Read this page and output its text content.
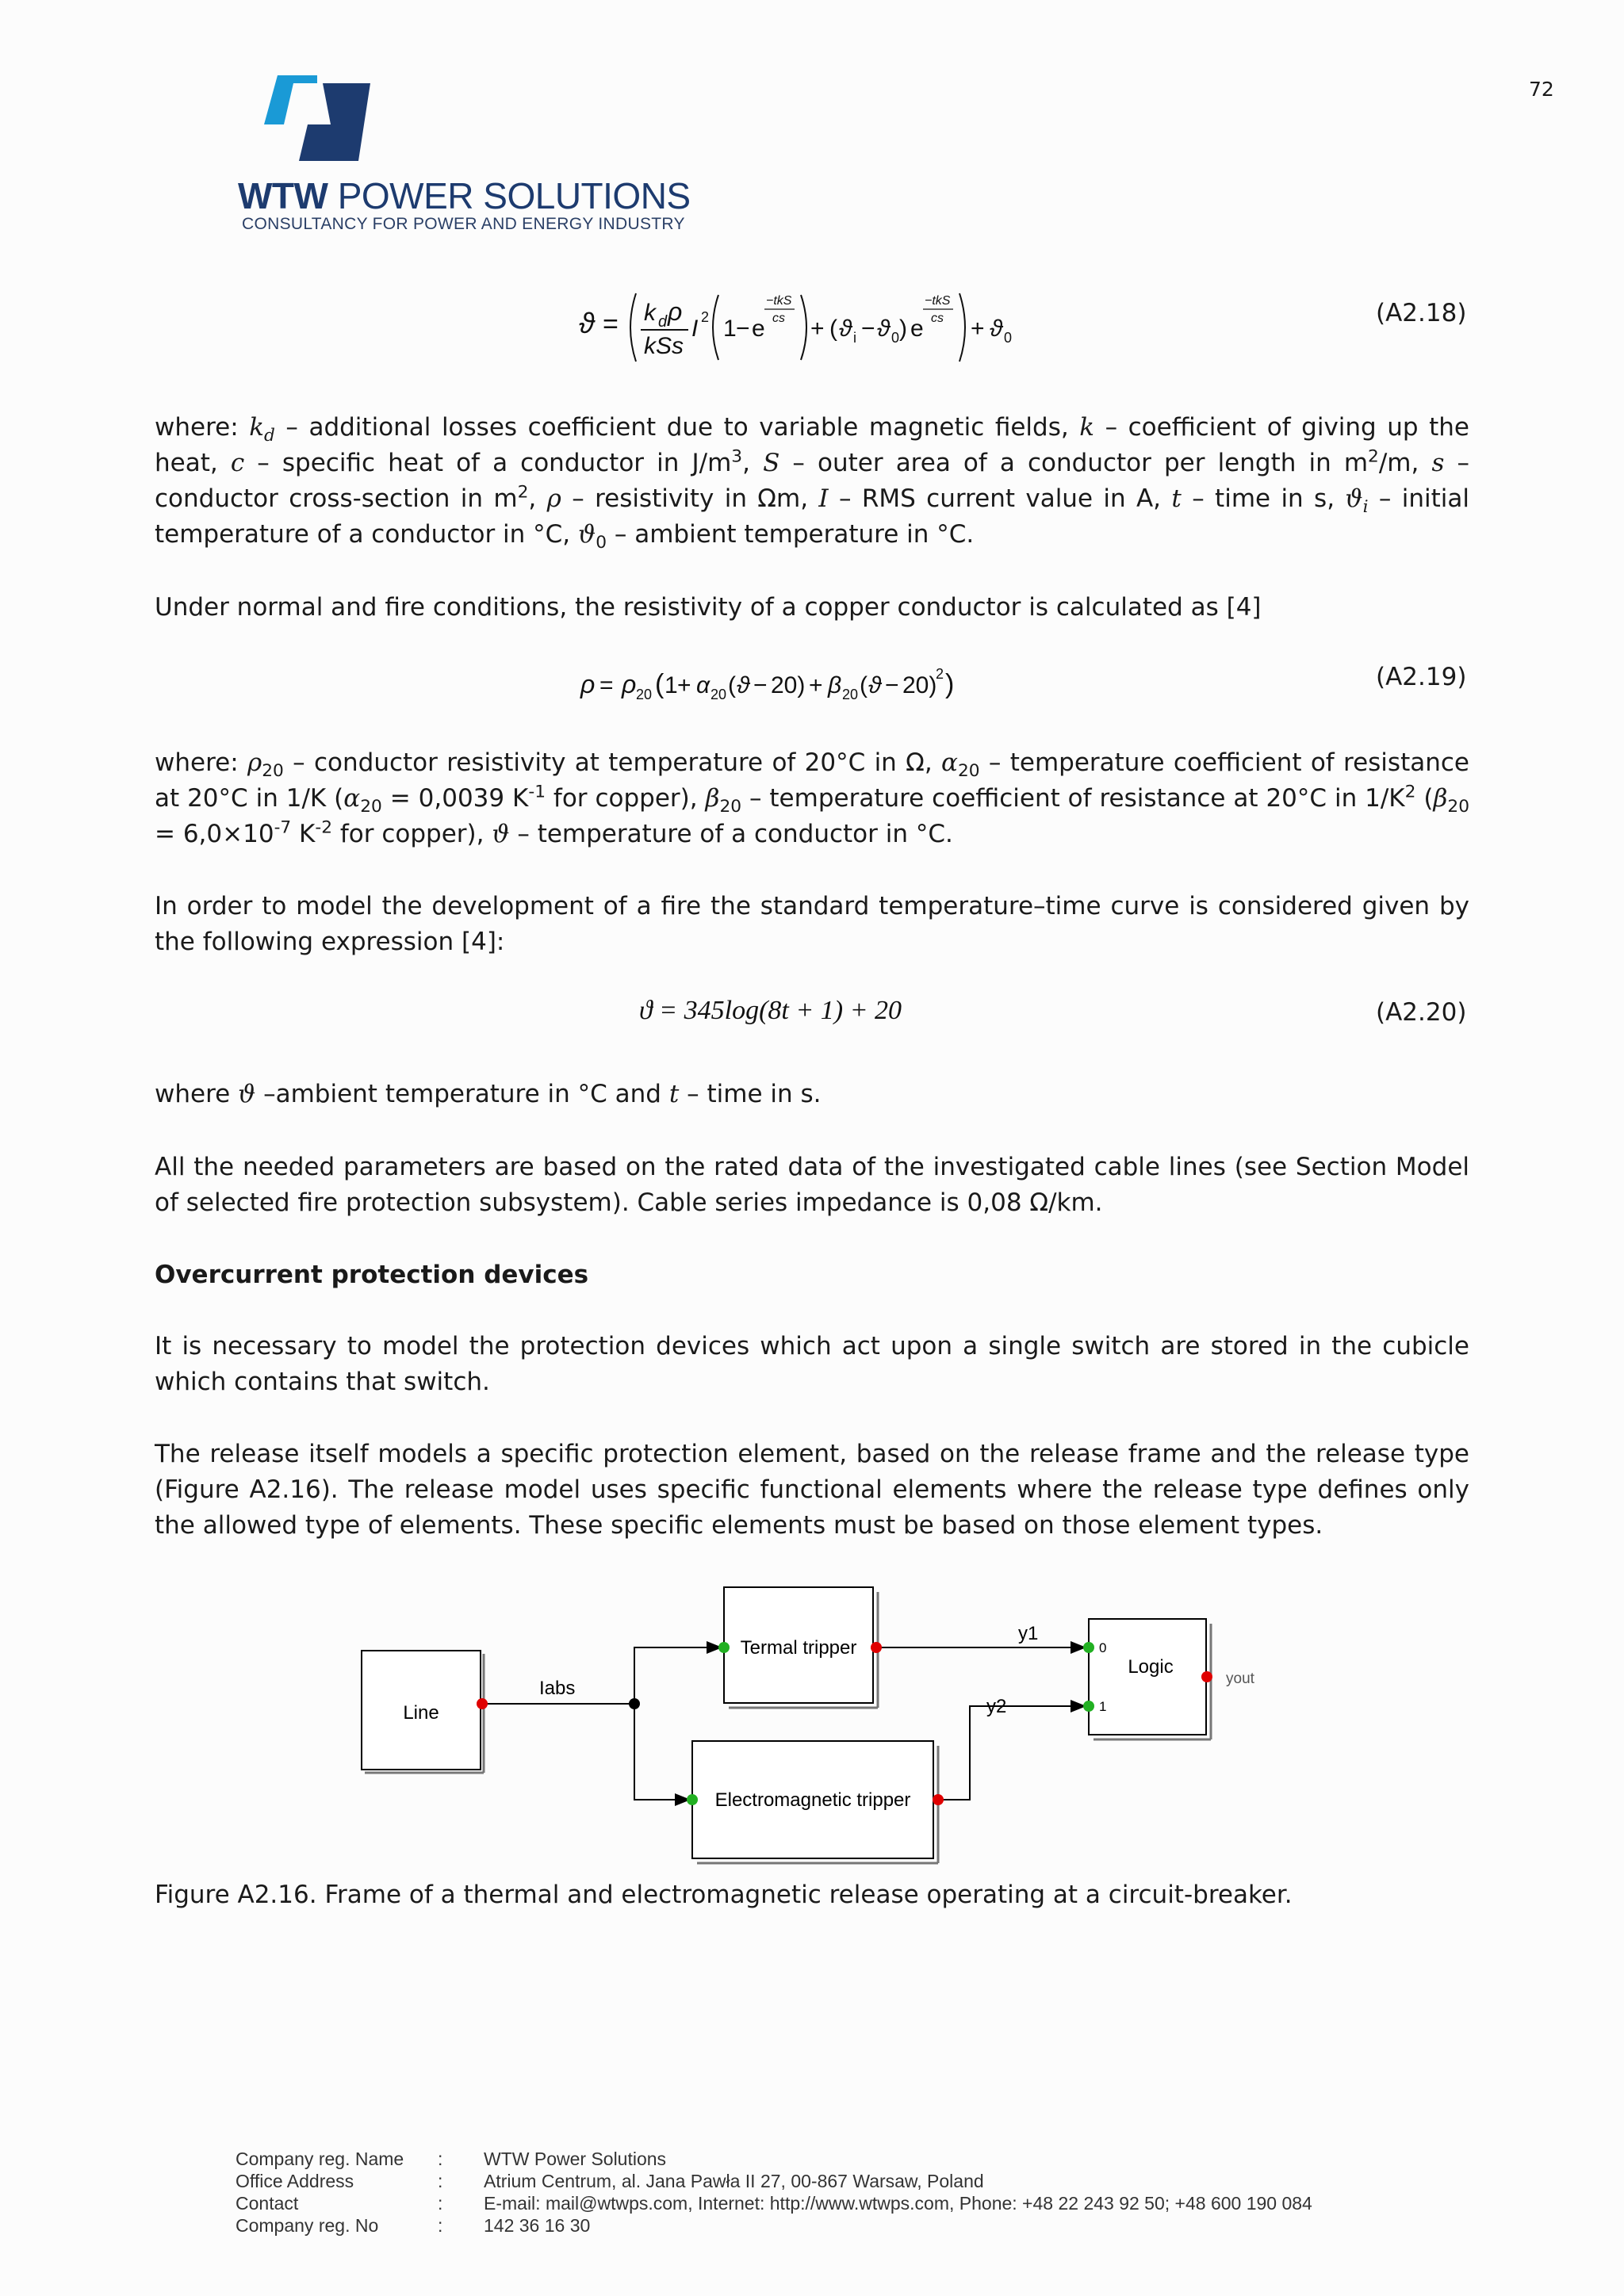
72
WTW POWER SOLUTIONS
CONSULTANCY FOR POWER AND ENERGY INDUSTRY
ϑ = k d ρ
kSs
I 2 1 − e
−tkS
cs + ( ϑ i − ϑ 0 ) e
−tkS
cs + ϑ 0
(A2.18)
where: $k_d$ – additional losses coefficient due to variable magnetic fields, k – coefficient of giving up the heat, c – specific heat of a conductor in $J/m^3$, S – outer area of a conductor per length in $m^2/m$, s – conductor cross-section in $m^2$, ρ – resistivity in Ωm, I – RMS current value in A, t – time in s, $ϑ_i$ – initial temperature of a conductor in °C, $ϑ_0$ – ambient temperature in °C.
Under normal and fire conditions, the resistivity of a copper conductor is calculated as [4]
ρ = ρ 20 ( 1 + α 20 ( ϑ − 20) + β 20 ( ϑ − 20)
2 )	(A2.19)
where: $\rho_{20}$ – conductor resistivity at temperature of 20°C in Ω, $\alpha_{20}$ – temperature coefficient of resistance at 20°C in 1/K ($\alpha_{20} = 0,0039$ $K^{-1}$ for copper), $\beta_{20}$ – temperature coefficient of resistance at 20°C in $1/K^2$ ($\beta_{20} = 6,0\times 10^{-7}$ $K^{-2}$ for copper), ϑ – temperature of a conductor in °C.
In order to model the development of a fire the standard temperature–time curve is considered given by the following expression [4]:
ϑ = 345log(8t + 1) + 20	(A2.20)
where ϑ –ambient temperature in °C and t – time in s.
All the needed parameters are based on the rated data of the investigated cable lines (see Section Model of selected fire protection subsystem). Cable series impedance is 0,08 Ω/km.
Overcurrent protection devices
It is necessary to model the protection devices which act upon a single switch are stored in the cubicle which contains that switch.
The release itself models a specific protection element, based on the release frame and the release type (Figure A2.16). The release model uses specific functional elements where the release type defines only the allowed type of elements. These specific elements must be based on those element types.
Line
Iabs
Termal tripper
Electromagnetic tripper
y1
y2
Logic
0
1
yout
Figure A2.16. Frame of a thermal and electromagnetic release operating at a circuit-breaker.
Company reg. Name	:	WTW Power Solutions
Office Address	:	Atrium Centrum, al. Jana Pawła II 27, 00-867 Warsaw, Poland
Contact	:	E-mail: mail@wtwps.com, Internet: http://www.wtwps.com, Phone: +48 22 243 92 50; +48 600 190 084
Company reg. No	:	142 36 16 30
